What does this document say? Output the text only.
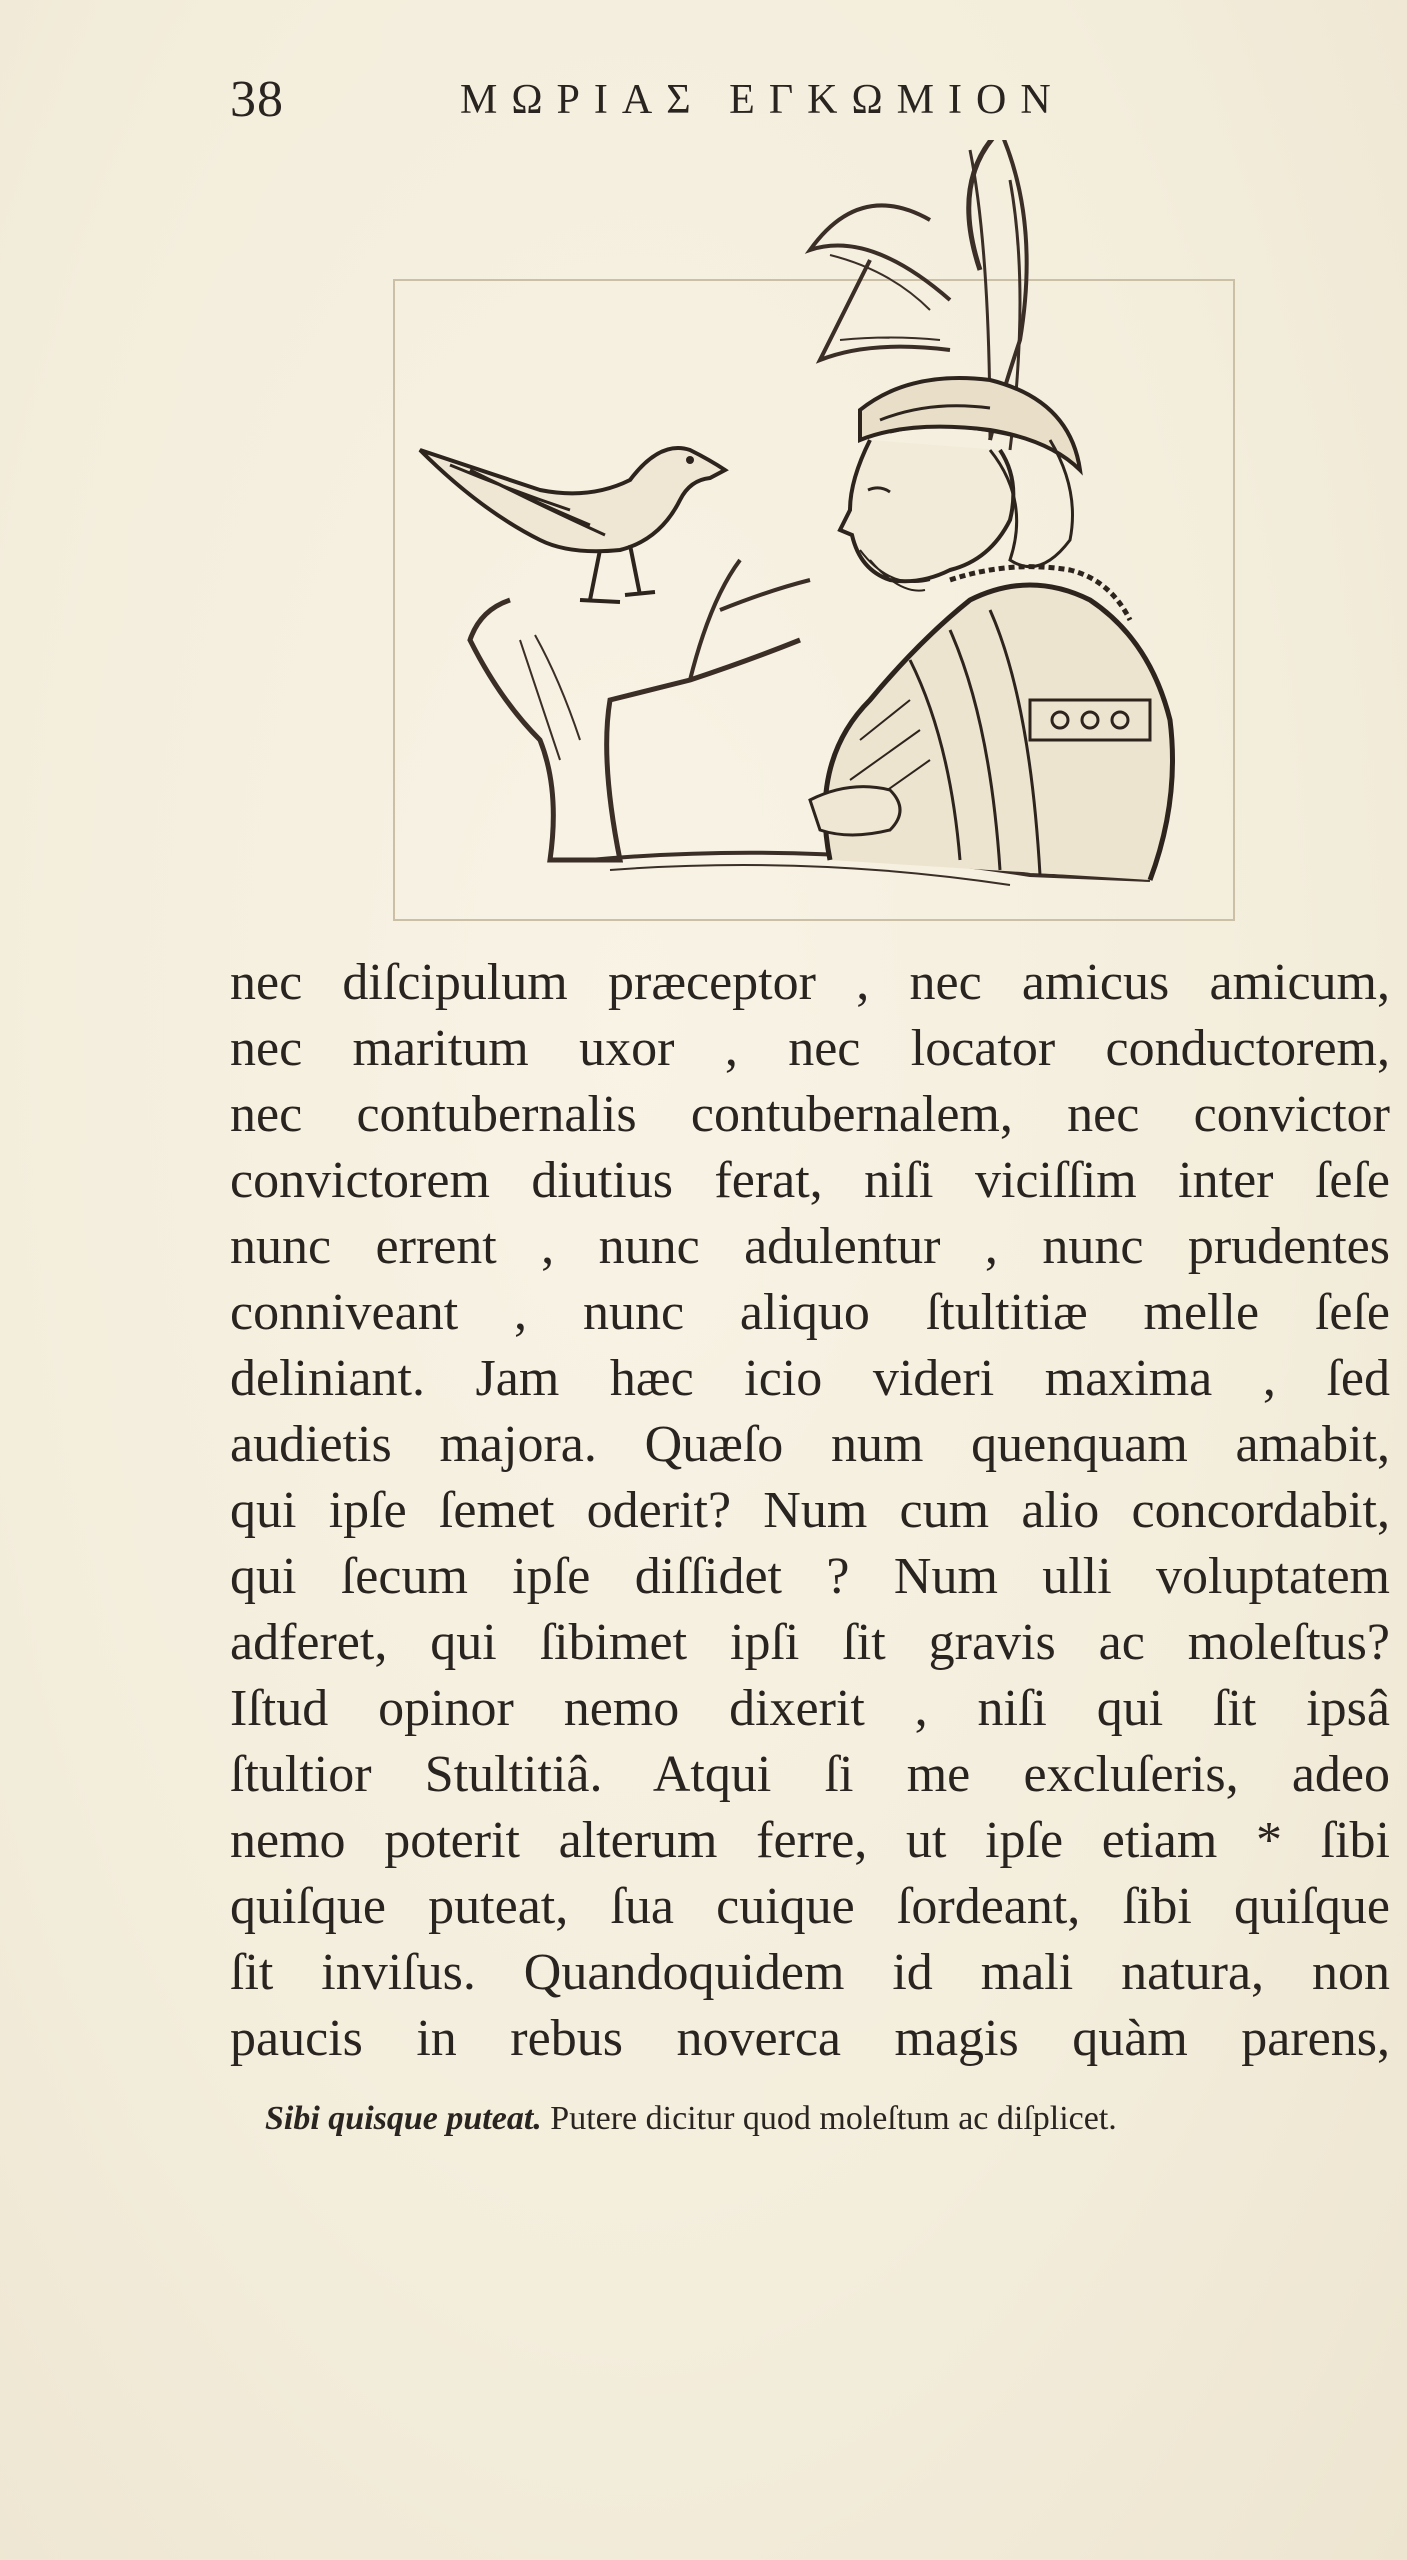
38	ΜΩΡΙΑΣ ΕΓΚΩΜΙΟΝ
nec diſcipulum præceptor , nec amicus amicum,
nec maritum uxor , nec locator conductorem,
nec contubernalis contubernalem, nec convictor
convictorem diutius ferat, niſi viciſſim inter ſeſe
nunc errent , nunc adulentur , nunc prudentes
conniveant , nunc aliquo ſtultitiæ melle ſeſe
deliniant. Jam hæc icio videri maxima , ſed
audietis majora. Quæſo num quenquam amabit,
qui ipſe ſemet oderit? Num cum alio concordabit,
qui ſecum ipſe diſſidet ? Num ulli voluptatem
adferet, qui ſibimet ipſi ſit gravis ac moleſtus?
Iſtud opinor nemo dixerit , niſi qui ſit ipsâ
ſtultior Stultitiâ. Atqui ſi me excluſeris, adeo
nemo poterit alterum ferre, ut ipſe etiam * ſibi
quiſque puteat, ſua cuique ſordeant, ſibi quiſque
ſit inviſus. Quandoquidem id mali natura, non
paucis in rebus noverca magis quàm parens,
Sibi quisque puteat. Putere dicitur quod moleſtum ac diſplicet.
